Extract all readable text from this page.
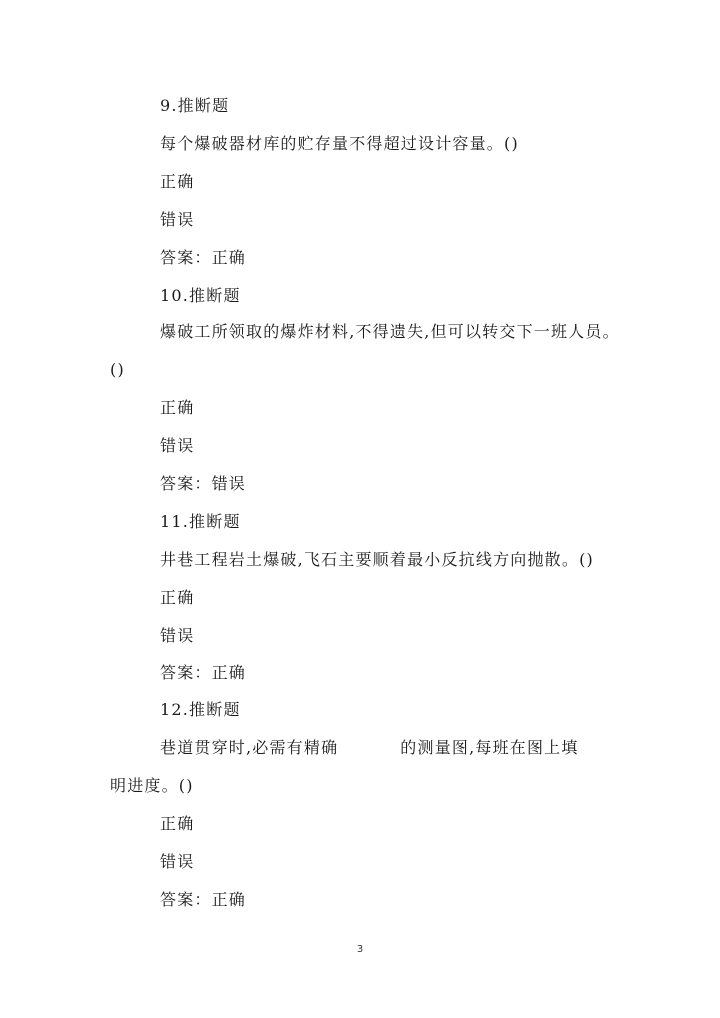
9.推断题
每个爆破器材库的贮存量不得超过设计容量。()
正确
错误
答案：正确
10.推断题
爆破工所领取的爆炸材料,不得遗失,但可以转交下一班人员。
()
正确
错误
答案：错误
11.推断题
井巷工程岩土爆破,飞石主要顺着最小反抗线方向抛散。()
正确
错误
答案：正确
12.推断题
巷道贯穿时,必需有精确	的测量图,每班在图上填
明进度。()
正确
错误
答案：正确
3
